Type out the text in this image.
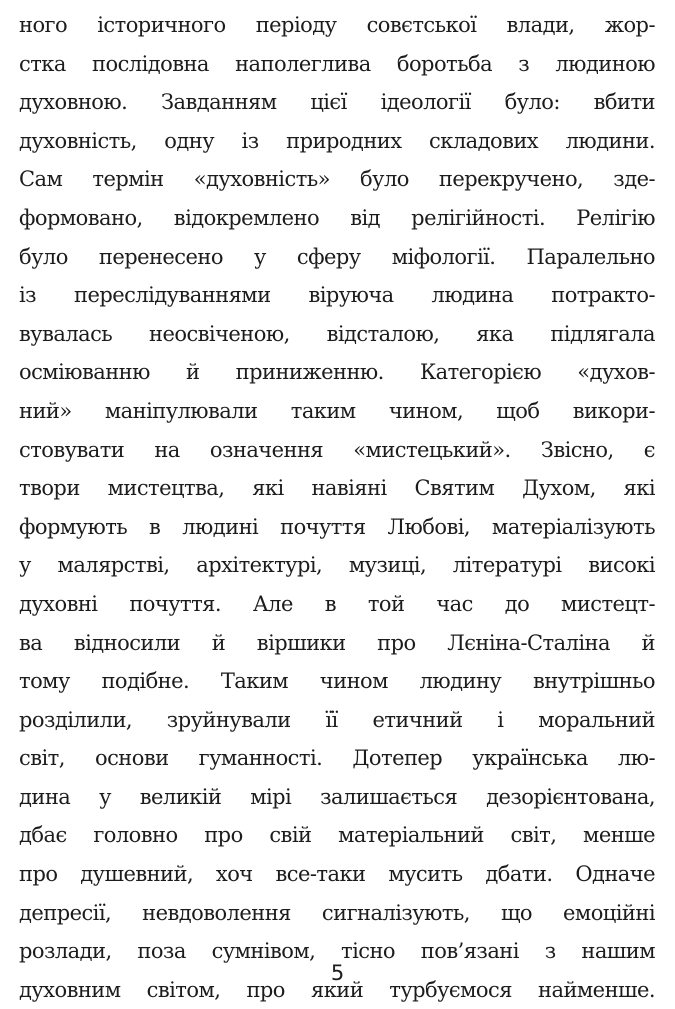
ного історичного періоду совєтської влади, жор-
стка послідовна наполеглива боротьба з людиною
духовною. Завданням цієї ідеології було: вбити
духовність, одну із природних складових людини.
Сам термін «духовність» було перекручено, зде-
формовано, відокремлено від релігійності. Релігію
було перенесено у сферу міфології. Паралельно
із переслідуваннями віруюча людина потракто-
вувалась неосвіченою, відсталою, яка підлягала
осміюванню й приниженню. Категорією «духов-
ний» маніпулювали таким чином, щоб викори-
стовувати на означення «мистецький». Звісно, є
твори мистецтва, які навіяні Святим Духом, які
формують в людині почуття Любові, матеріалізують
у малярстві, архітектурі, музиці, літературі високі
духовні почуття. Але в той час до мистецт-
ва відносили й віршики про Лєніна-Сталіна й
тому подібне. Таким чином людину внутрішньо
розділили, зруйнували її етичний і моральний
світ, основи гуманності. Дотепер українська лю-
дина у великій мірі залишається дезорієнтована,
дбає головно про свій матеріальний світ, менше
про душевний, хоч все-таки мусить дбати. Одначе
депресії, невдоволення сигналізують, що емоційні
розлади, поза сумнівом, тісно пов’язані з нашим
духовним світом, про який турбуємося найменше.
5
